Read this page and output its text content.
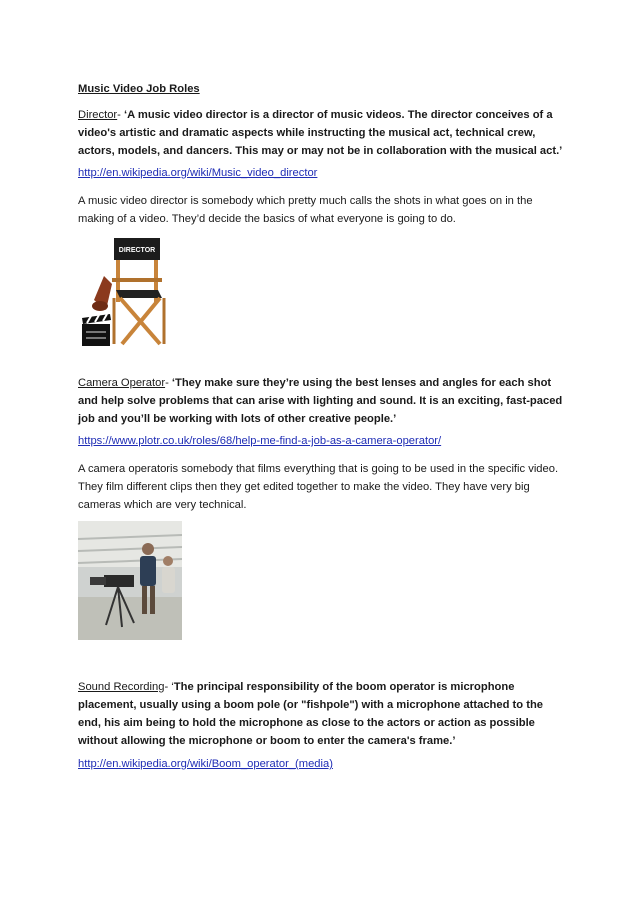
Music Video Job Roles

Director- ‘A music video director is a director of music videos. The director conceives of a video's artistic and dramatic aspects while instructing the musical act, technical crew, actors, models, and dancers. This may or may not be in collaboration with the musical act.’

http://en.wikipedia.org/wiki/Music_video_director

A music video director is somebody which pretty much calls the shots in what goes on in the making of a video. They’d decide the basics of what everyone is going to do.

DIRECTOR

Camera Operator- ‘They make sure they’re using the best lenses and angles for each shot and help solve problems that can arise with lighting and sound. It is an exciting, fast-paced job and you’ll be working with lots of other creative people.’

https://www.plotr.co.uk/roles/68/help-me-find-a-job-as-a-camera-operator/

A camera operatoris somebody that films everything that is going to be used in the specific video. They film different clips then they get edited together to make the video. They have very big cameras which are very technical.

Sound Recording- ‘The principal responsibility of the boom operator is microphone placement, usually using a boom pole (or "fishpole") with a microphone attached to the end, his aim being to hold the microphone as close to the actors or action as possible without allowing the microphone or boom to enter the camera's frame.’

http://en.wikipedia.org/wiki/Boom_operator_(media)
